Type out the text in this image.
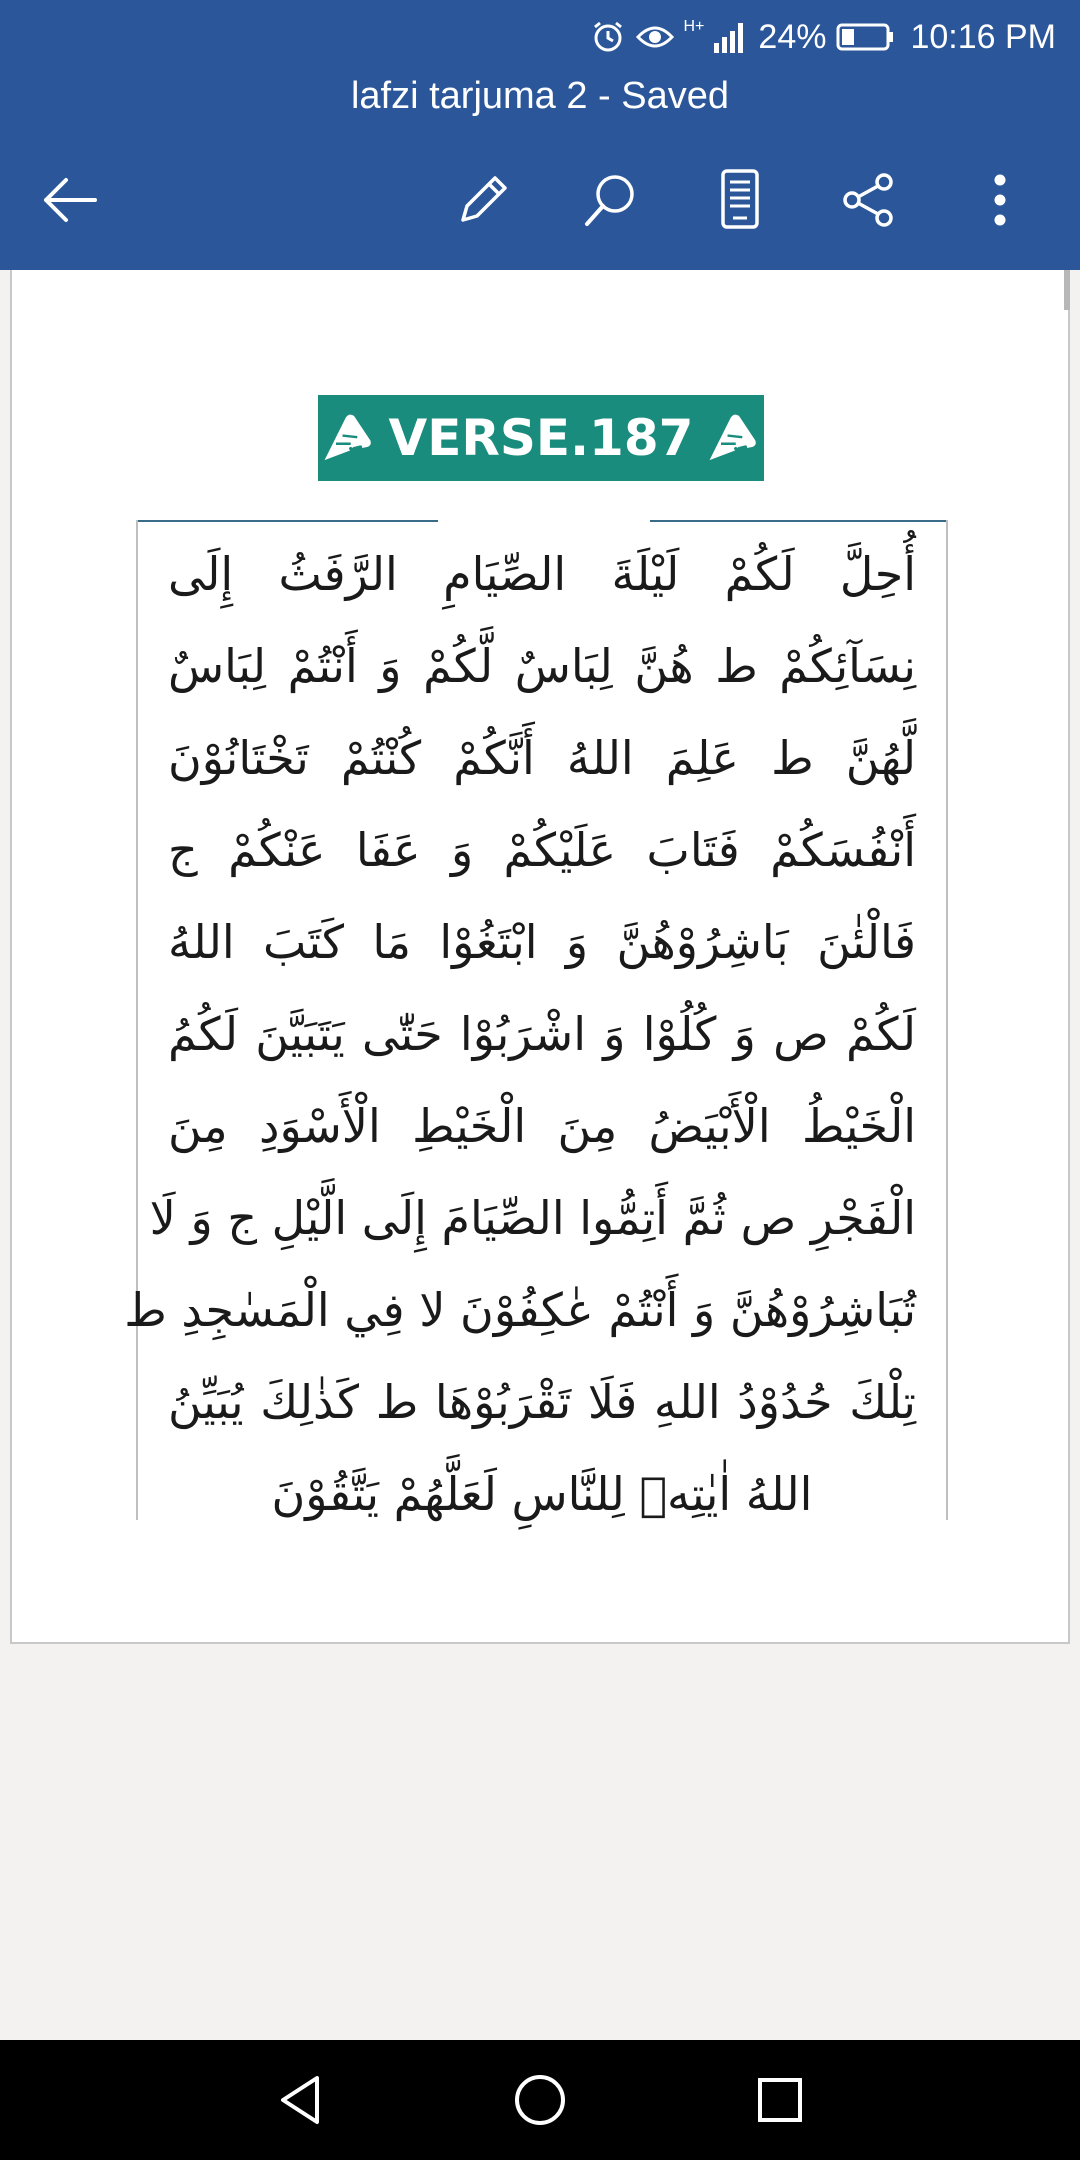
H+ 24% 10:16 PM
lafzi tarjuma 2 - Saved
VERSE.187
أُحِلَّ لَكُمْ لَيْلَةَ الصِّيَامِ الرَّفَثُ إِلَى
نِسَآئِكُمْ ط هُنَّ لِبَاسٌ لَّكُمْ وَ أَنْتُمْ لِبَاسٌ
لَّهُنَّ ط عَلِمَ اللهُ أَنَّكُمْ كُنْتُمْ تَخْتَانُوْنَ
أَنْفُسَكُمْ فَتَابَ عَلَيْكُمْ وَ عَفَا عَنْكُمْ ج
فَالْئٰنَ بَاشِرُوْهُنَّ وَ ابْتَغُوْا مَا كَتَبَ اللهُ
لَكُمْ ص وَ كُلُوْا وَ اشْرَبُوْا حَتّٰى يَتَبَيَّنَ لَكُمُ
الْخَيْطُ الْأَبْيَضُ مِنَ الْخَيْطِ الْأَسْوَدِ مِنَ
الْفَجْرِ ص ثُمَّ أَتِمُّوا الصِّيَامَ إِلَى الَّيْلِ ج وَ لَا
تُبَاشِرُوْهُنَّ وَ أَنْتُمْ عٰكِفُوْنَ لا فِي الْمَسٰجِدِ ط
تِلْكَ حُدُوْدُ اللهِ فَلَا تَقْرَبُوْهَا ط كَذٰلِكَ يُبَيِّنُ
اللهُ اٰيٰتِهٖ لِلنَّاسِ لَعَلَّهُمْ يَتَّقُوْنَ
